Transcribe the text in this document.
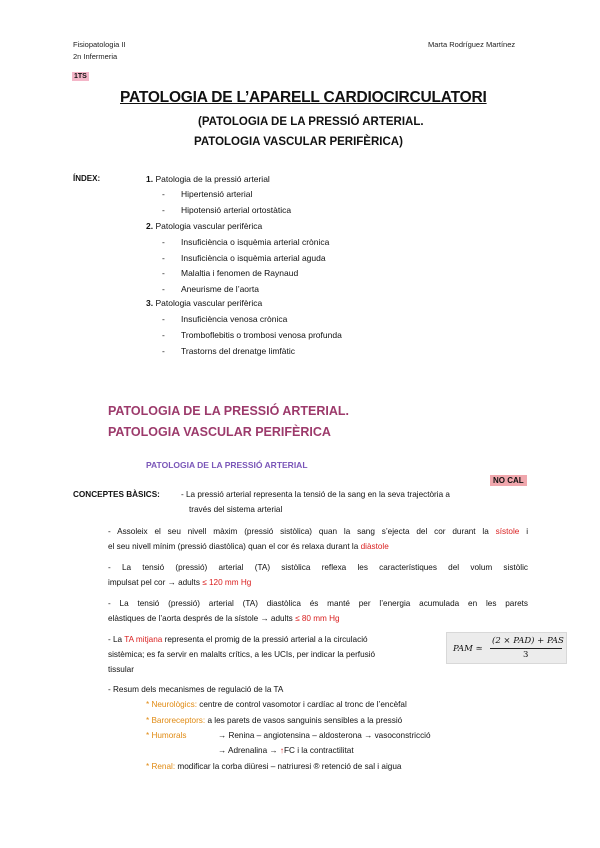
Fisiopatologia II
2n Infermeria
Marta Rodríguez Martínez
1TS
PATOLOGIA DE L’APARELL CARDIOCIRCULATORI
(PATOLOGIA DE LA PRESSIÓ ARTERIAL.
PATOLOGIA VASCULAR PERIFÈRICA)
ÍNDEX:	1. Patologia de la pressió arterial
- Hipertensió arterial
- Hipotensió arterial ortostàtica
2. Patologia vascular perifèrica
- Insuficiència o isquèmia arterial crònica
- Insuficiència o isquèmia arterial aguda
- Malaltia i fenomen de Raynaud
- Aneurisme de l’aorta
3. Patologia vascular perifèrica
- Insuficiència venosa crònica
- Tromboflebitis o trombosi venosa profunda
- Trastorns del drenatge limfàtic
PATOLOGIA DE LA PRESSIÓ ARTERIAL.
PATOLOGIA VASCULAR PERIFÈRICA
PATOLOGIA DE LA PRESSIÓ ARTERIAL
NO CAL
CONCEPTES BÀSICS:	- La pressió arterial representa la tensió de la sang en la seva trajectòria a
través del sistema arterial
- Assoleix el seu nivell màxim (pressió sistòlica) quan la sang s’ejecta del cor durant la sístole i
el seu nivell mínim (pressió diastòlica) quan el cor és relaxa durant la diàstole
- La tensió (pressió) arterial (TA) sistòlica reflexa les característiques del volum sistòlic
impulsat pel cor → adults ≤ 120 mm Hg
- La tensió (pressió) arterial (TA) diastòlica és manté per l’energia acumulada en les parets
elàstiques de l’aorta després de la sístole → adults ≤ 80 mm Hg
- La TA mitjana representa el promig de la pressió arterial a la circulació
sistèmica; es fa servir en malalts crítics, a les UCIs, per indicar la perfusió
tissular
PAM ≃
(2 × PAD) + PAS
3
- Resum dels mecanismes de regulació de la TA
* Neurològics: centre de control vasomotor i cardíac al tronc de l’encèfal
* Baroreceptors: a les parets de vasos sanguinis sensibles a la pressió
* Humorals	→ Renina – angiotensina – aldosterona → vasoconstricció
→ Adrenalina → ↑FC i la contractilitat
* Renal: modificar la corba diüresi – natriuresi ® retenció de sal i aigua
